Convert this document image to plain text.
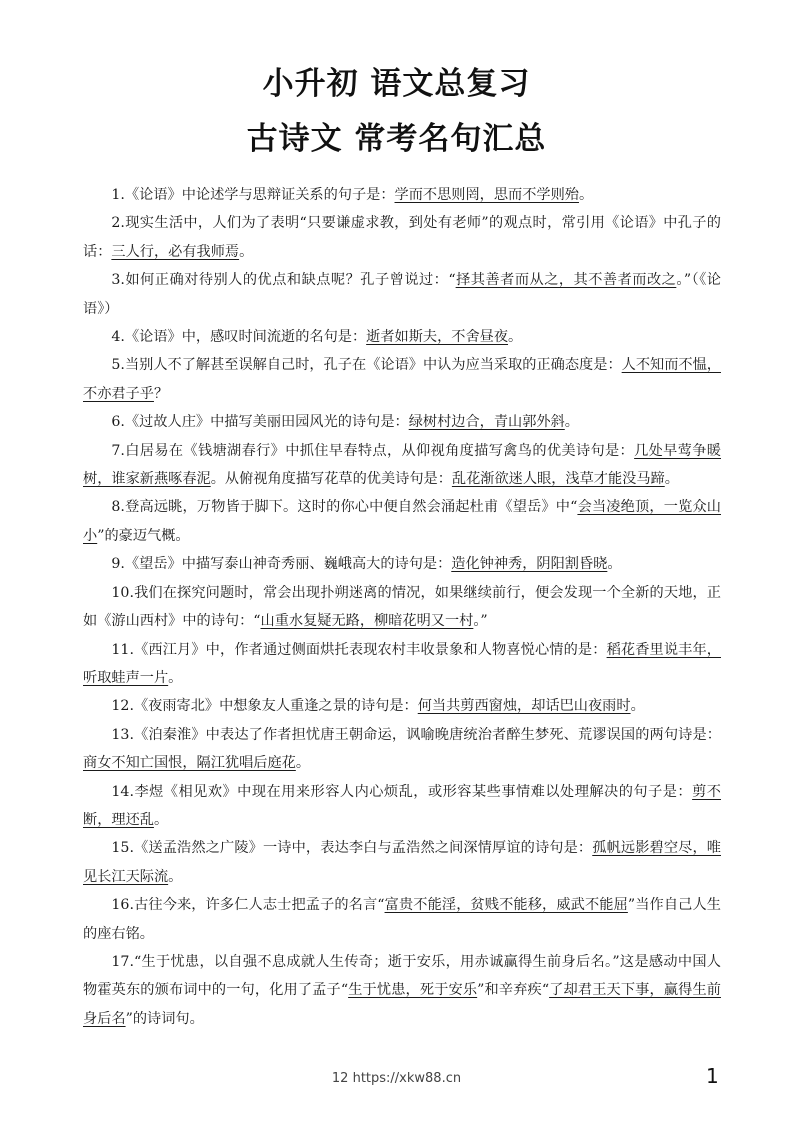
小升初 语文总复习
古诗文 常考名句汇总

1.《论语》中论述学与思辩证关系的句子是：学而不思则罔，思而不学则殆。

2.现实生活中，人们为了表明“只要谦虚求教，到处有老师”的观点时，常引用《论语》中孔子的话：三人行，必有我师焉。

3.如何正确对待别人的优点和缺点呢？孔子曾说过：“择其善者而从之，其不善者而改之。”（《论语》）

4.《论语》中，感叹时间流逝的名句是：逝者如斯夫，不舍昼夜。

5.当别人不了解甚至误解自己时，孔子在《论语》中认为应当采取的正确态度是：人不知而不愠，不亦君子乎？

6.《过故人庄》中描写美丽田园风光的诗句是：绿树村边合，青山郭外斜。

7.白居易在《钱塘湖春行》中抓住早春特点，从仰视角度描写禽鸟的优美诗句是：几处早莺争暖树，谁家新燕啄春泥。从俯视角度描写花草的优美诗句是：乱花渐欲迷人眼，浅草才能没马蹄。

8.登高远眺，万物皆于脚下。这时的你心中便自然会涌起杜甫《望岳》中“会当凌绝顶，一览众山小”的豪迈气概。

9.《望岳》中描写泰山神奇秀丽、巍峨高大的诗句是：造化钟神秀，阴阳割昏晓。

10.我们在探究问题时，常会出现扑朔迷离的情况，如果继续前行，便会发现一个全新的天地，正如《游山西村》中的诗句：“山重水复疑无路，柳暗花明又一村。”

11.《西江月》中，作者通过侧面烘托表现农村丰收景象和人物喜悦心情的是：稻花香里说丰年，听取蛙声一片。

12.《夜雨寄北》中想象友人重逢之景的诗句是：何当共剪西窗烛，却话巴山夜雨时。

13.《泊秦淮》中表达了作者担忧唐王朝命运，讽喻晚唐统治者醉生梦死、荒谬误国的两句诗是：商女不知亡国恨，隔江犹唱后庭花。

14.李煜《相见欢》中现在用来形容人内心烦乱，或形容某些事情难以处理解决的句子是：剪不断，理还乱。

15.《送孟浩然之广陵》一诗中，表达李白与孟浩然之间深情厚谊的诗句是：孤帆远影碧空尽，唯见长江天际流。

16.古往今来，许多仁人志士把孟子的名言“富贵不能淫，贫贱不能移，威武不能屈”当作自己人生的座右铭。

17.“生于忧患，以自强不息成就人生传奇；逝于安乐，用赤诚赢得生前身后名。”这是感动中国人物霍英东的颁布词中的一句，化用了孟子“生于忧患，死于安乐”和辛弃疾“了却君王天下事，赢得生前身后名”的诗词句。

12 https://xkw88.cn	1
